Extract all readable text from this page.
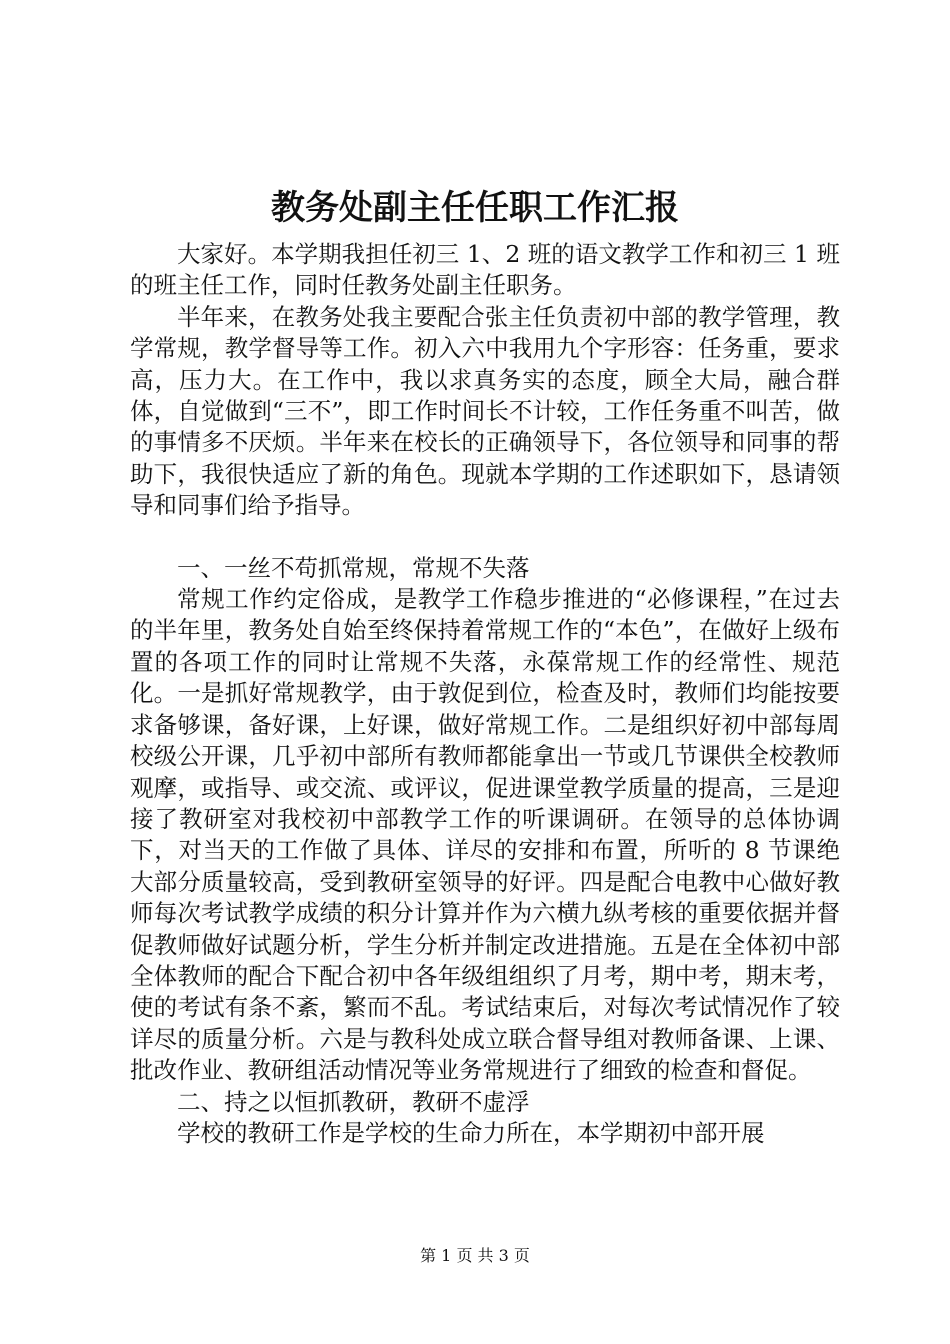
教务处副主任任职工作汇报

大家好。本学期我担任初三 1、2 班的语文教学工作和初三 1 班的班主任工作，同时任教务处副主任职务。

半年来，在教务处我主要配合张主任负责初中部的教学管理，教学常规，教学督导等工作。初入六中我用九个字形容：任务重，要求高，压力大。在工作中，我以求真务实的态度，顾全大局，融合群体，自觉做到“三不”，即工作时间长不计较，工作任务重不叫苦，做的事情多不厌烦。半年来在校长的正确领导下，各位领导和同事的帮助下，我很快适应了新的角色。现就本学期的工作述职如下，恳请领导和同事们给予指导。

一、一丝不苟抓常规，常规不失落

常规工作约定俗成，是教学工作稳步推进的“必修课程，”在过去的半年里，教务处自始至终保持着常规工作的“本色”，在做好上级布置的各项工作的同时让常规不失落，永葆常规工作的经常性、规范化。一是抓好常规教学，由于敦促到位，检查及时，教师们均能按要求备够课，备好课，上好课，做好常规工作。二是组织好初中部每周校级公开课，几乎初中部所有教师都能拿出一节或几节课供全校教师观摩，或指导、或交流、或评议，促进课堂教学质量的提高，三是迎接了教研室对我校初中部教学工作的听课调研。在领导的总体协调下，对当天的工作做了具体、详尽的安排和布置，所听的 8 节课绝大部分质量较高，受到教研室领导的好评。四是配合电教中心做好教师每次考试教学成绩的积分计算并作为六横九纵考核的重要依据并督促教师做好试题分析，学生分析并制定改进措施。五是在全体初中部全体教师的配合下配合初中各年级组组织了月考，期中考，期末考，使的考试有条不紊，繁而不乱。考试结束后，对每次考试情况作了较详尽的质量分析。六是与教科处成立联合督导组对教师备课、上课、批改作业、教研组活动情况等业务常规进行了细致的检查和督促。

二、持之以恒抓教研，教研不虚浮

学校的教研工作是学校的生命力所在，本学期初中部开展

第 1 页 共 3 页
